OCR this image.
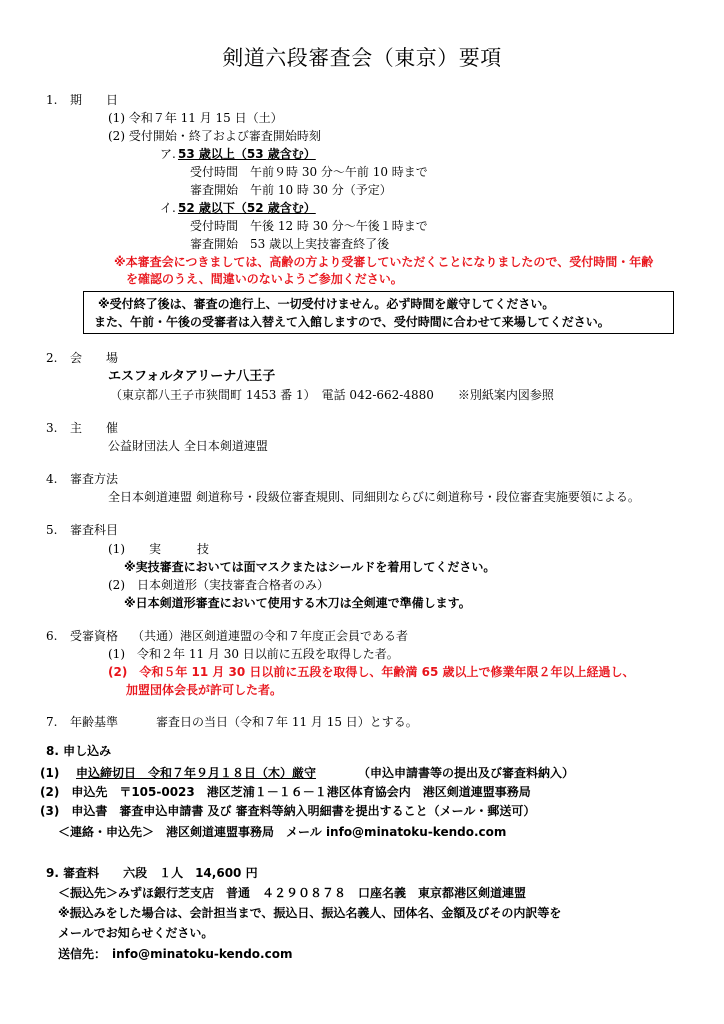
剣道六段審査会（東京）要項
1. 期　　日
(1) 令和７年 11 月 15 日（土）
(2) 受付開始・終了および審査開始時刻
ア. 53 歳以上（53 歳含む）
受付時間　午前９時 30 分～午前 10 時まで
審査開始　午前 10 時 30 分（予定）
イ. 52 歳以下（52 歳含む）
受付時間　午後 12 時 30 分～午後１時まで
審査開始　53 歳以上実技審査終了後
※本審査会につきましては、高齢の方より受審していただくことになりましたので、受付時間・年齢
を確認のうえ、間違いのないようご参加ください。
※受付終了後は、審査の進行上、一切受付けません。必ず時間を厳守してください。
また、午前・午後の受審者は入替えて入館しますので、受付時間に合わせて来場してください。
2. 会　　場
エスフォルタアリーナ八王子
（東京都八王子市狭間町 1453 番 1）　電話 042-662-4880　　※別紙案内図参照
3. 主　　催
公益財団法人 全日本剣道連盟
4. 審査方法
全日本剣道連盟 剣道称号・段級位審査規則、同細則ならびに剣道称号・段位審査実施要領による。
5. 審査科目
(1)　　実　　　技
※実技審査においては面マスクまたはシールドを着用してください。
(2)　日本剣道形（実技審査合格者のみ）
※日本剣道形審査において使用する木刀は全剣連で準備します。
6. 受審資格 （共通）港区剣道連盟の令和７年度正会員である者
(1)　令和２年 11 月 30 日以前に五段を取得した者。
(2)　令和５年 11 月 30 日以前に五段を取得し、年齢満 65 歳以上で修業年限２年以上経過し、
加盟団体会長が許可した者。
7. 年齢基準	審査日の当日（令和７年 11 月 15 日）とする。
8. 申し込み
(1)　 申込締切日　令和７年９月１８日（木）厳守	（申込申請書等の提出及び審査料納入）
(2)　申込先　〒105-0023　港区芝浦１－１６－１港区体育協会内　港区剣道連盟事務局
(3)　申込書　審査申込申請書 及び 審査料等納入明細書を提出すること（メール・郵送可）
＜連絡・申込先＞　港区剣道連盟事務局　メール info@minatoku-kendo.com
9. 審査料　　六段　１人　14,600 円
＜振込先＞みずほ銀行芝支店　普通　４２９０８７８　口座名義　東京都港区剣道連盟
※振込みをした場合は、会計担当まで、振込日、振込名義人、団体名、金額及びその内訳等を
メールでお知らせください。
送信先：　info@minatoku-kendo.com
